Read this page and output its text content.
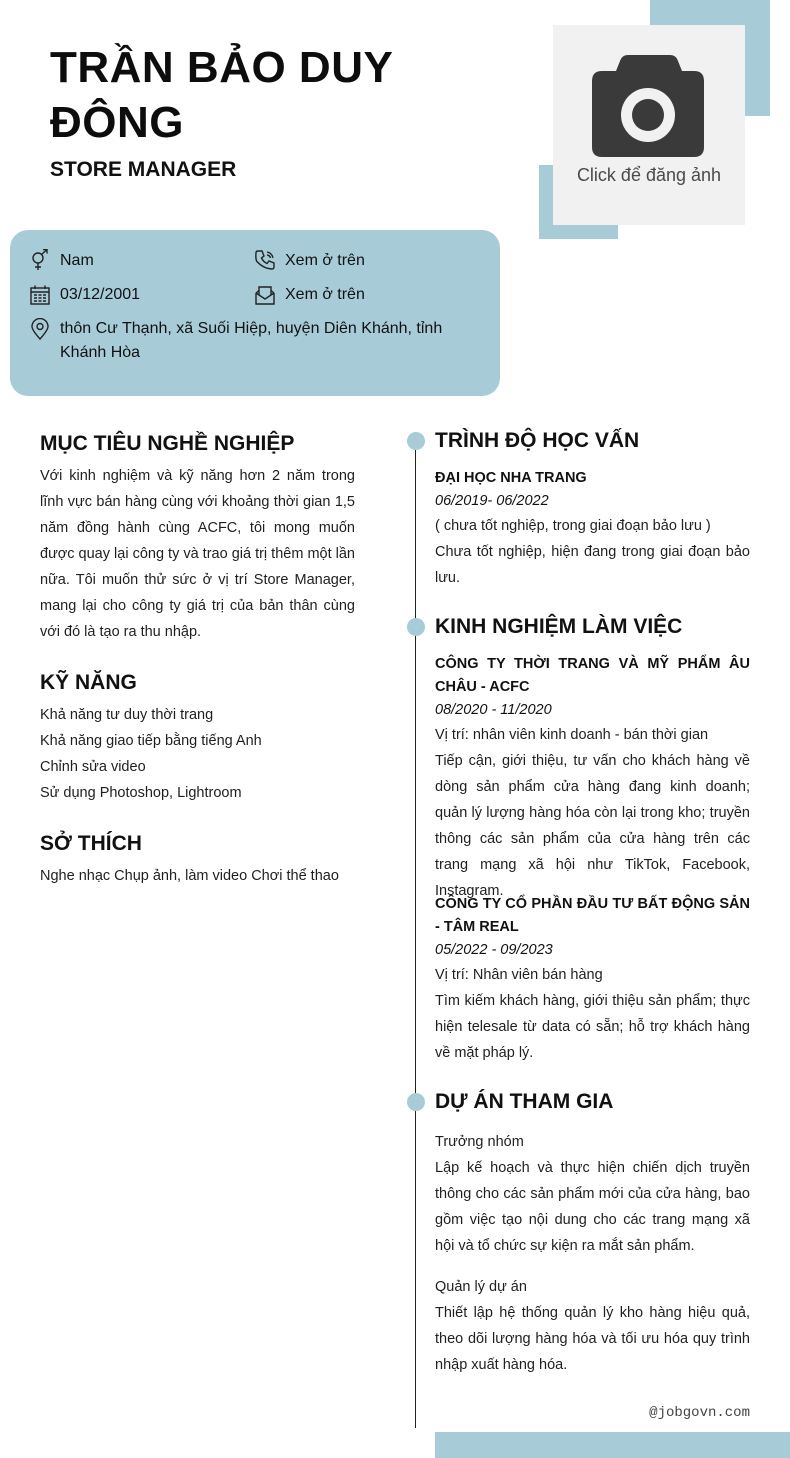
TRẦN BẢO DUY ĐÔNG
STORE MANAGER	Click để đăng ảnh
Nam	Xem ở trên
03/12/2001	Xem ở trên
thôn Cư Thạnh, xã Suối Hiệp, huyện Diên Khánh, tỉnh Khánh Hòa
MỤC TIÊU NGHỀ NGHIỆP
Với kinh nghiệm và kỹ năng hơn 2 năm trong lĩnh vực bán hàng cùng với khoảng thời gian 1,5 năm đồng hành cùng ACFC, tôi mong muốn được quay lại công ty và trao giá trị thêm một lần nữa. Tôi muốn thử sức ở vị trí Store Manager, mang lại cho công ty giá trị của bản thân cùng với đó là tạo ra thu nhập.
KỸ NĂNG
Khả năng tư duy thời trang
Khả năng giao tiếp bằng tiếng Anh
Chỉnh sửa video
Sử dụng Photoshop, Lightroom
SỞ THÍCH
Nghe nhạc Chụp ảnh, làm video Chơi thể thao
TRÌNH ĐỘ HỌC VẤN
ĐẠI HỌC NHA TRANG
06/2019- 06/2022
( chưa tốt nghiệp, trong giai đoạn bảo lưu )
Chưa tốt nghiệp, hiện đang trong giai đoạn bảo lưu.
KINH NGHIỆM LÀM VIỆC
CÔNG TY THỜI TRANG VÀ MỸ PHẨM ÂU CHÂU - ACFC
08/2020 - 11/2020
Vị trí: nhân viên kinh doanh - bán thời gian
Tiếp cận, giới thiệu, tư vấn cho khách hàng về dòng sản phẩm cửa hàng đang kinh doanh; quản lý lượng hàng hóa còn lại trong kho; truyền thông các sản phẩm của cửa hàng trên các trang mạng xã hội như TikTok, Facebook, Instagram.
CÔNG TY CỔ PHẦN ĐẦU TƯ BẤT ĐỘNG SẢN - TÂM REAL
05/2022 - 09/2023
Vị trí: Nhân viên bán hàng
Tìm kiếm khách hàng, giới thiệu sản phẩm; thực hiện telesale từ data có sẵn; hỗ trợ khách hàng về mặt pháp lý.
DỰ ÁN THAM GIA
Trưởng nhóm
Lập kế hoạch và thực hiện chiến dịch truyền thông cho các sản phẩm mới của cửa hàng, bao gồm việc tạo nội dung cho các trang mạng xã hội và tổ chức sự kiện ra mắt sản phẩm.
Quản lý dự án
Thiết lập hệ thống quản lý kho hàng hiệu quả, theo dõi lượng hàng hóa và tối ưu hóa quy trình nhập xuất hàng hóa.
@jobgovn.com
